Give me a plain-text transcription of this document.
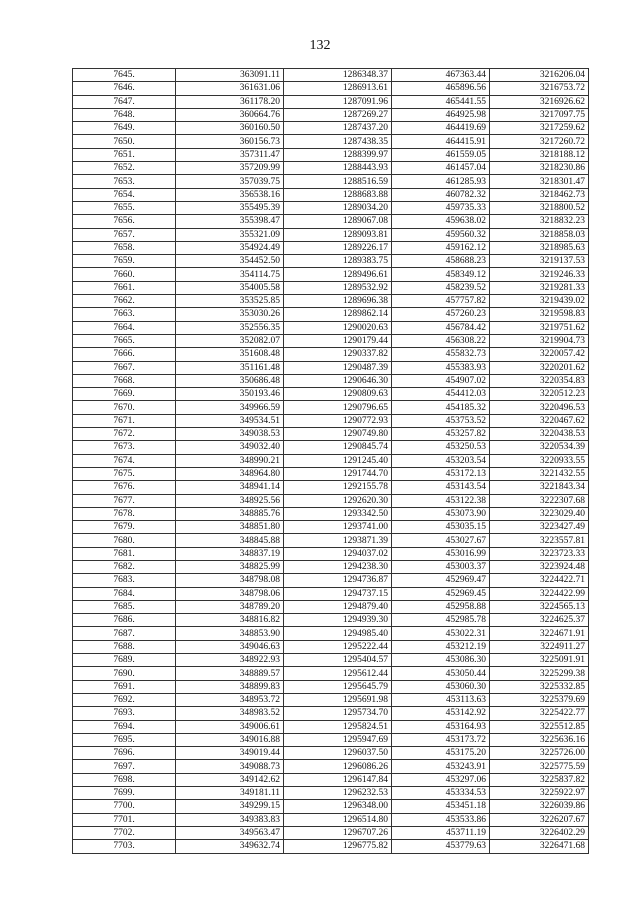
132
7645.	363091.11	1286348.37	467363.44	3216206.04
7646.	361631.06	1286913.61	465896.56	3216753.72
7647.	361178.20	1287091.96	465441.55	3216926.62
7648.	360664.76	1287269.27	464925.98	3217097.75
7649.	360160.50	1287437.20	464419.69	3217259.62
7650.	360156.73	1287438.35	464415.91	3217260.72
7651.	357311.47	1288399.97	461559.05	3218188.12
7652.	357209.99	1288443.93	461457.04	3218230.86
7653.	357039.75	1288516.59	461285.93	3218301.47
7654.	356538.16	1288683.88	460782.32	3218462.73
7655.	355495.39	1289034.20	459735.33	3218800.52
7656.	355398.47	1289067.08	459638.02	3218832.23
7657.	355321.09	1289093.81	459560.32	3218858.03
7658.	354924.49	1289226.17	459162.12	3218985.63
7659.	354452.50	1289383.75	458688.23	3219137.53
7660.	354114.75	1289496.61	458349.12	3219246.33
7661.	354005.58	1289532.92	458239.52	3219281.33
7662.	353525.85	1289696.38	457757.82	3219439.02
7663.	353030.26	1289862.14	457260.23	3219598.83
7664.	352556.35	1290020.63	456784.42	3219751.62
7665.	352082.07	1290179.44	456308.22	3219904.73
7666.	351608.48	1290337.82	455832.73	3220057.42
7667.	351161.48	1290487.39	455383.93	3220201.62
7668.	350686.48	1290646.30	454907.02	3220354.83
7669.	350193.46	1290809.63	454412.03	3220512.23
7670.	349966.59	1290796.65	454185.32	3220496.53
7671.	349534.51	1290772.93	453753.52	3220467.62
7672.	349038.53	1290749.80	453257.82	3220438.53
7673.	349032.40	1290845.74	453250.53	3220534.39
7674.	348990.21	1291245.40	453203.54	3220933.55
7675.	348964.80	1291744.70	453172.13	3221432.55
7676.	348941.14	1292155.78	453143.54	3221843.34
7677.	348925.56	1292620.30	453122.38	3222307.68
7678.	348885.76	1293342.50	453073.90	3223029.40
7679.	348851.80	1293741.00	453035.15	3223427.49
7680.	348845.88	1293871.39	453027.67	3223557.81
7681.	348837.19	1294037.02	453016.99	3223723.33
7682.	348825.99	1294238.30	453003.37	3223924.48
7683.	348798.08	1294736.87	452969.47	3224422.71
7684.	348798.06	1294737.15	452969.45	3224422.99
7685.	348789.20	1294879.40	452958.88	3224565.13
7686.	348816.82	1294939.30	452985.78	3224625.37
7687.	348853.90	1294985.40	453022.31	3224671.91
7688.	349046.63	1295222.44	453212.19	3224911.27
7689.	348922.93	1295404.57	453086.30	3225091.91
7690.	348889.57	1295612.44	453050.44	3225299.38
7691.	348899.83	1295645.79	453060.30	3225332.85
7692.	348953.72	1295691.98	453113.63	3225379.69
7693.	348983.52	1295734.70	453142.92	3225422.77
7694.	349006.61	1295824.51	453164.93	3225512.85
7695.	349016.88	1295947.69	453173.72	3225636.16
7696.	349019.44	1296037.50	453175.20	3225726.00
7697.	349088.73	1296086.26	453243.91	3225775.59
7698.	349142.62	1296147.84	453297.06	3225837.82
7699.	349181.11	1296232.53	453334.53	3225922.97
7700.	349299.15	1296348.00	453451.18	3226039.86
7701.	349383.83	1296514.80	453533.86	3226207.67
7702.	349563.47	1296707.26	453711.19	3226402.29
7703.	349632.74	1296775.82	453779.63	3226471.68
